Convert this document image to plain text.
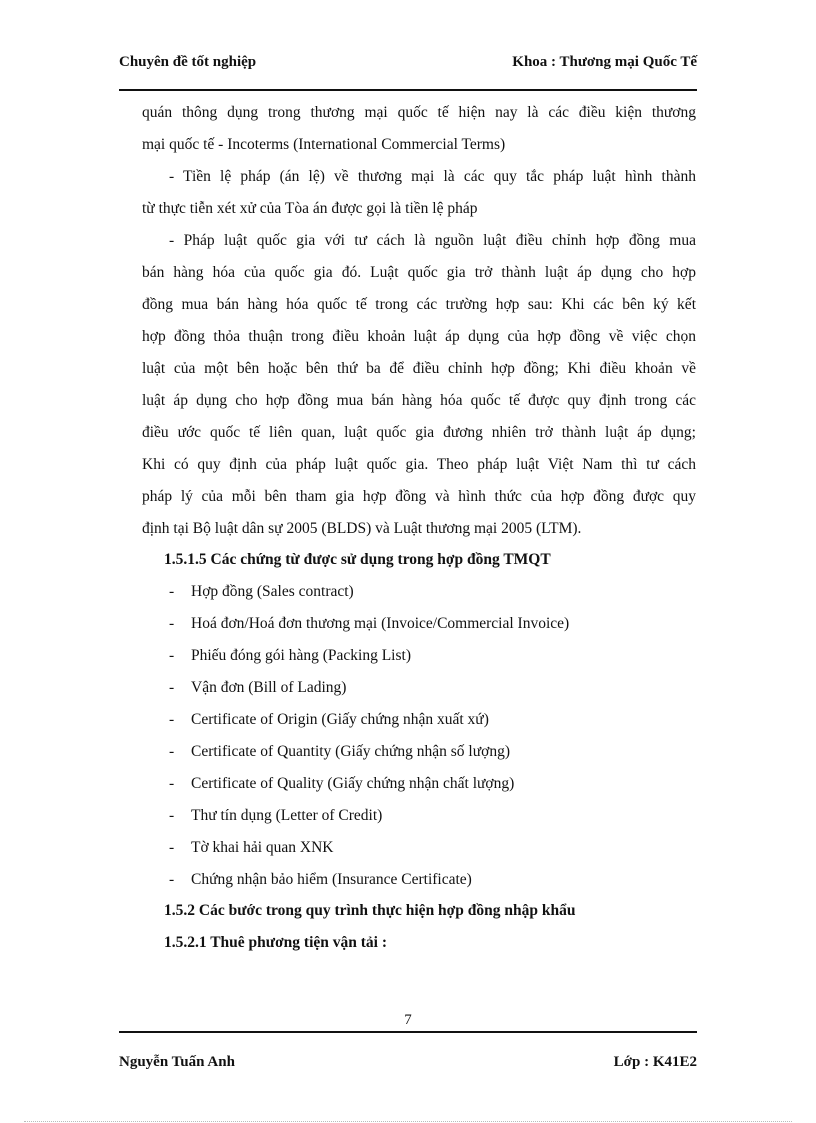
Chuyên đề tốt nghiệp	Khoa : Thương mại Quốc Tế
quán thông dụng trong thương mại quốc tế hiện nay là các điều kiện thương
mại quốc tế - Incoterms (International Commercial Terms)
- Tiền lệ pháp (án lệ) về thương mại là các quy tắc pháp luật hình thành
từ thực tiễn xét xử của Tòa án được gọi là tiền lệ pháp
- Pháp luật quốc gia với tư cách là nguồn luật điều chỉnh hợp đồng mua
bán hàng hóa của quốc gia đó. Luật quốc gia trở thành luật áp dụng cho hợp
đồng mua bán hàng hóa quốc tế trong các trường hợp sau: Khi các bên ký kết
hợp đồng thỏa thuận trong điều khoản luật áp dụng của hợp đồng về việc chọn
luật của một bên hoặc bên thứ ba để điều chỉnh hợp đồng; Khi điều khoản về
luật áp dụng cho hợp đồng mua bán hàng hóa quốc tế được quy định trong các
điều ước quốc tế liên quan, luật quốc gia đương nhiên trở thành luật áp dụng;
Khi có quy định của pháp luật quốc gia. Theo pháp luật Việt Nam thì tư cách
pháp lý của mỗi bên tham gia hợp đồng và hình thức của hợp đồng được quy
định tại Bộ luật dân sự 2005 (BLDS) và Luật thương mại 2005 (LTM).
1.5.1.5 Các chứng từ được sử dụng trong hợp đồng TMQT
- Hợp đồng (Sales contract)
- Hoá đơn/Hoá đơn thương mại (Invoice/Commercial Invoice)
- Phiếu đóng gói hàng (Packing List)
- Vận đơn (Bill of Lading)
- Certificate of Origin (Giấy chứng nhận xuất xứ)
- Certificate of Quantity (Giấy chứng nhận số lượng)
- Certificate of Quality (Giấy chứng nhận chất lượng)
- Thư tín dụng (Letter of Credit)
- Tờ khai hải quan XNK
- Chứng nhận bảo hiểm (Insurance Certificate)
1.5.2 Các bước trong quy trình thực hiện hợp đồng nhập khẩu
1.5.2.1 Thuê phương tiện vận tải :
7
Nguyễn Tuấn Anh	Lớp : K41E2
